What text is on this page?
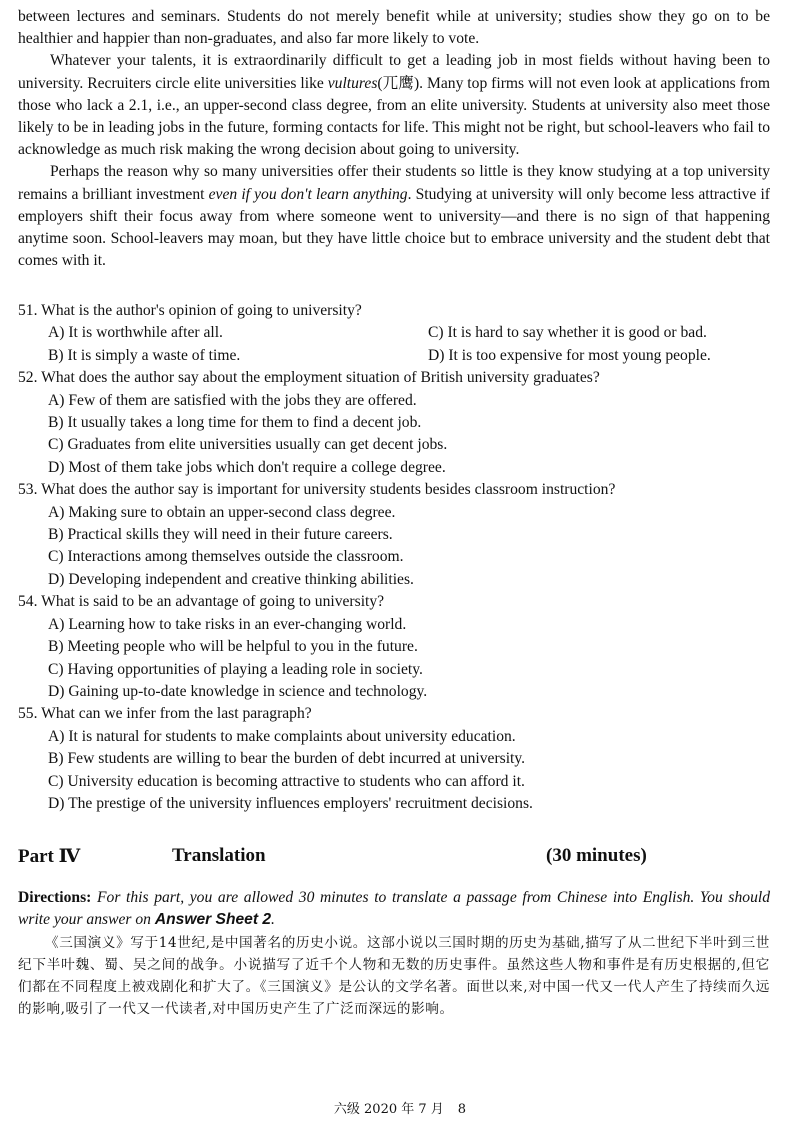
between lectures and seminars. Students do not merely benefit while at university; studies show they go on to be healthier and happier than non-graduates, and also far more likely to vote.

Whatever your talents, it is extraordinarily difficult to get a leading job in most fields without having been to university. Recruiters circle elite universities like vultures(兀鹰). Many top firms will not even look at applications from those who lack a 2.1, i.e., an upper-second class degree, from an elite university. Students at university also meet those likely to be in leading jobs in the future, forming contacts for life. This might not be right, but school-leavers who fail to acknowledge as much risk making the wrong decision about going to university.

Perhaps the reason why so many universities offer their students so little is they know studying at a top university remains a brilliant investment even if you don't learn anything. Studying at university will only become less attractive if employers shift their focus away from where someone went to university—and there is no sign of that happening anytime soon. School-leavers may moan, but they have little choice but to embrace university and the student debt that comes with it.

51. What is the author's opinion of going to university?
A) It is worthwhile after all.	C) It is hard to say whether it is good or bad.
B) It is simply a waste of time.	D) It is too expensive for most young people.
52. What does the author say about the employment situation of British university graduates?
A) Few of them are satisfied with the jobs they are offered.
B) It usually takes a long time for them to find a decent job.
C) Graduates from elite universities usually can get decent jobs.
D) Most of them take jobs which don't require a college degree.
53. What does the author say is important for university students besides classroom instruction?
A) Making sure to obtain an upper-second class degree.
B) Practical skills they will need in their future careers.
C) Interactions among themselves outside the classroom.
D) Developing independent and creative thinking abilities.
54. What is said to be an advantage of going to university?
A) Learning how to take risks in an ever-changing world.
B) Meeting people who will be helpful to you in the future.
C) Having opportunities of playing a leading role in society.
D) Gaining up-to-date knowledge in science and technology.
55. What can we infer from the last paragraph?
A) It is natural for students to make complaints about university education.
B) Few students are willing to bear the burden of debt incurred at university.
C) University education is becoming attractive to students who can afford it.
D) The prestige of the university influences employers' recruitment decisions.
Part Ⅳ	Translation	(30 minutes)
Directions: For this part, you are allowed 30 minutes to translate a passage from Chinese into English. You should write your answer on Answer Sheet 2.
《三国演义》写于14世纪,是中国著名的历史小说。这部小说以三国时期的历史为基础,描写了从二世纪下半叶到三世纪下半叶魏、蜀、吴之间的战争。小说描写了近千个人物和无数的历史事件。虽然这些人物和事件是有历史根据的,但它们都在不同程度上被戏剧化和扩大了。《三国演义》是公认的文学名著。面世以来,对中国一代又一代人产生了持续而久远的影响,吸引了一代又一代读者,对中国历史产生了广泛而深远的影响。
六级 2020 年 7 月 8
